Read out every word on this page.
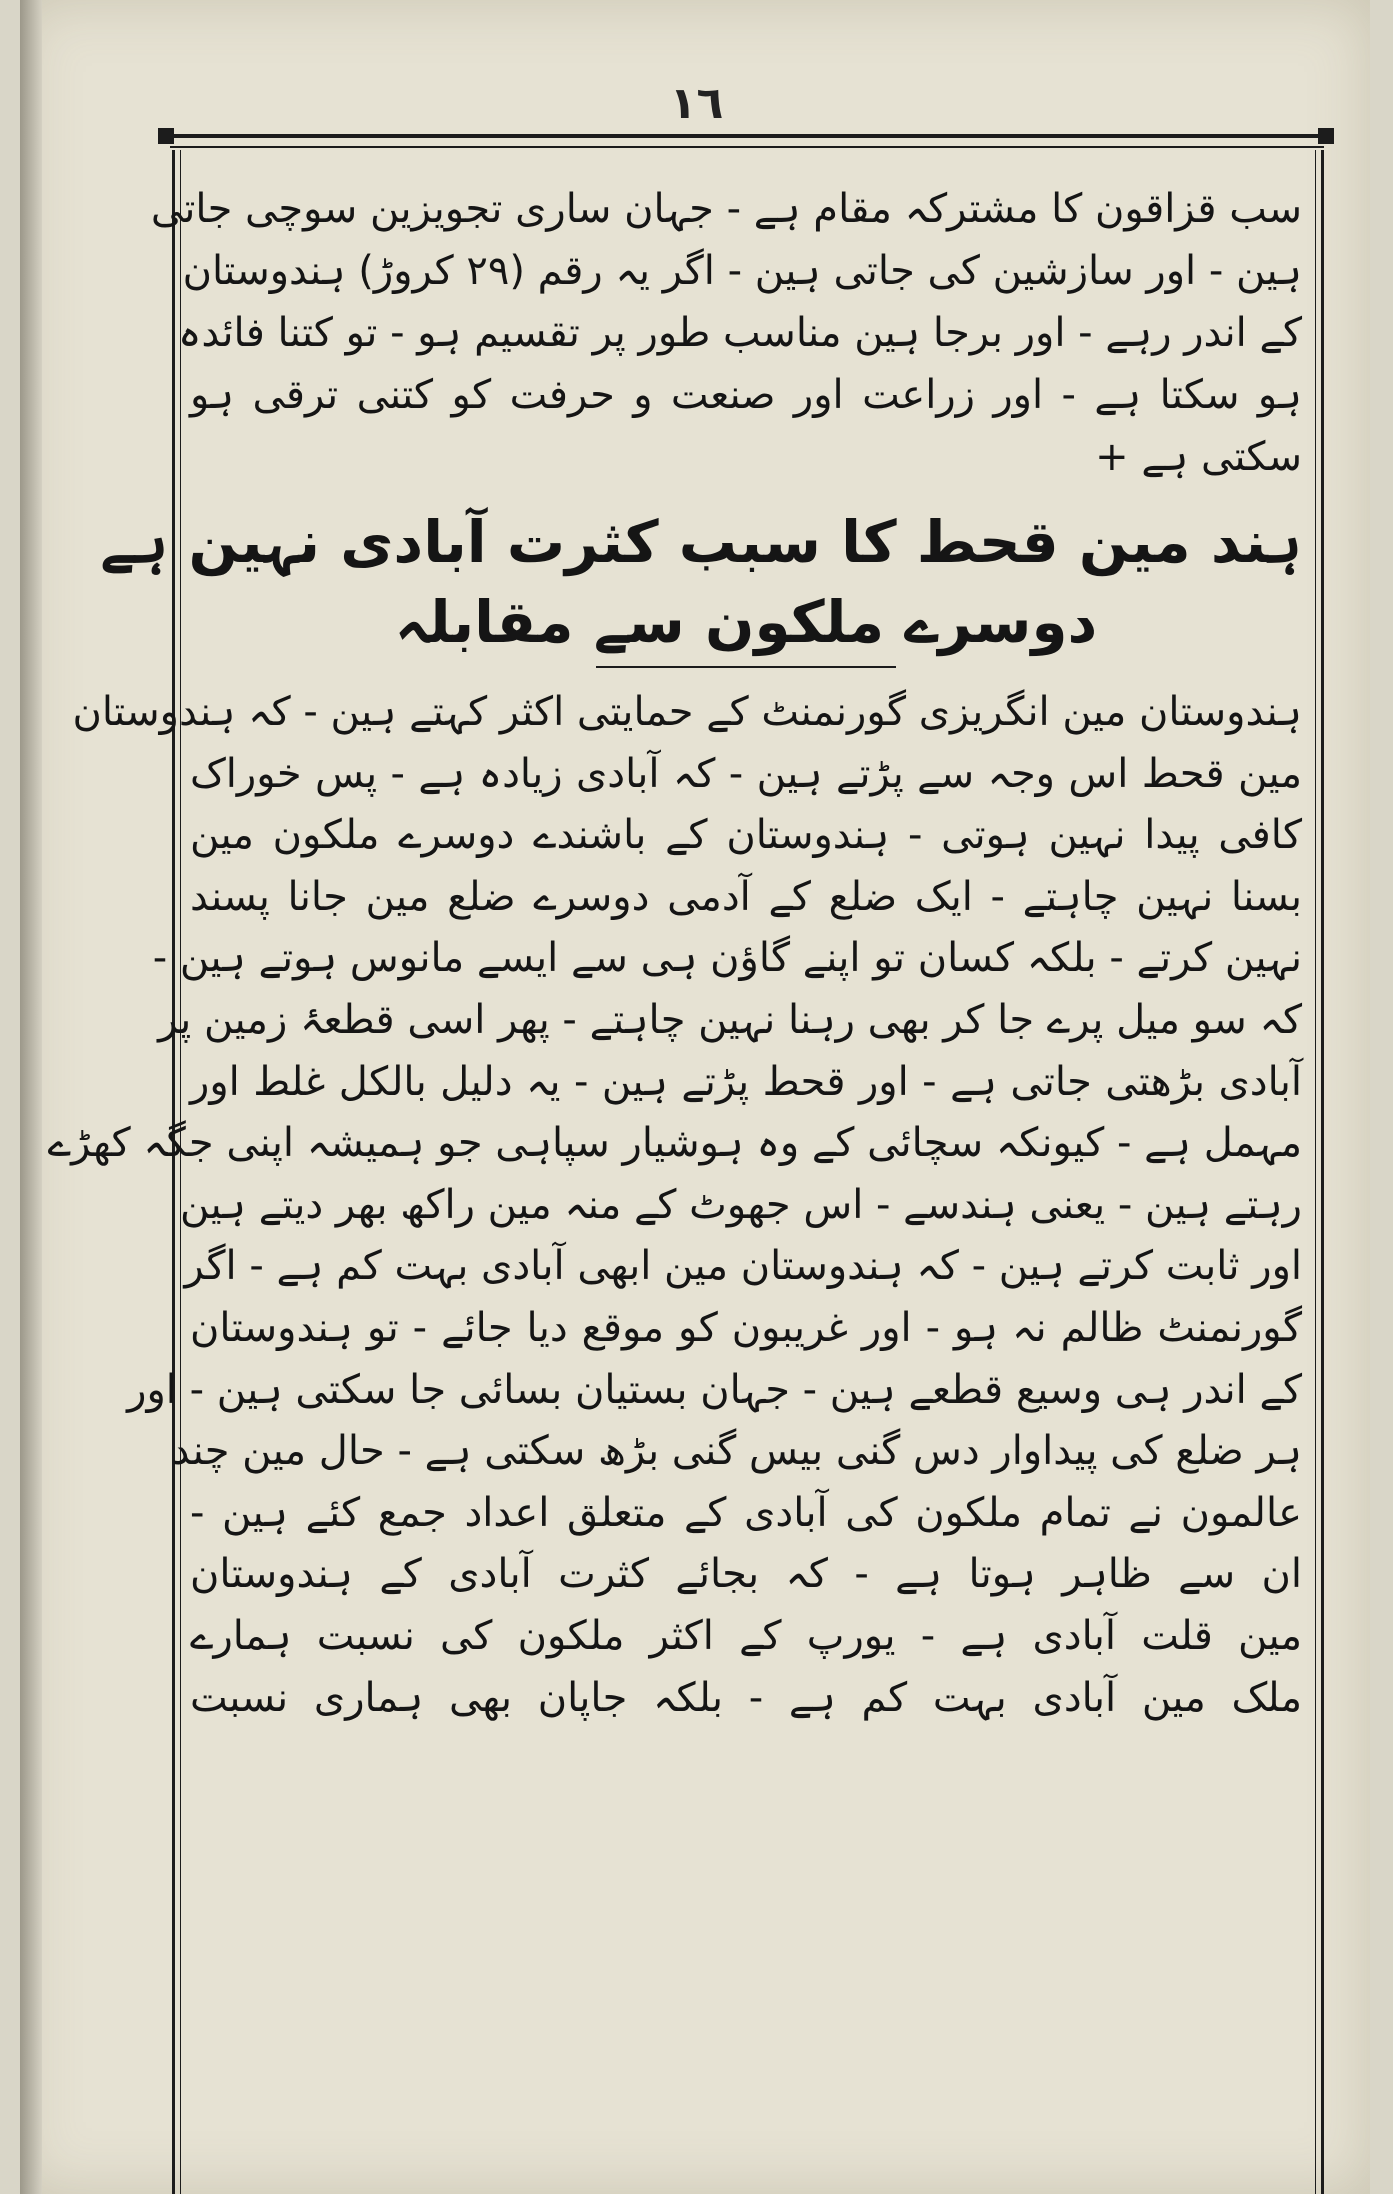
١٦
سب قزاقون کا مشترکہ مقام ہے - جہان ساری تجویزین سوچی جاتی
ہین - اور سازشین کی جاتی ہین - اگر یہ رقم (۲۹ کروڑ) ہندوستان
کے اندر رہے - اور برجا ہین مناسب طور پر تقسیم ہو - تو کتنا فائدہ
ہو سکتا ہے - اور زراعت اور صنعت و حرفت کو کتنی ترقی ہو
سکتی ہے +
ہند مین قحط کا سبب کثرت آبادی نہین ہے
دوسرے ملکون سے مقابلہ
ہندوستان مین انگریزی گورنمنٹ کے حمایتی اکثر کہتے ہین - کہ ہندوستان
مین قحط اس وجہ سے پڑتے ہین - کہ آبادی زیادہ ہے - پس خوراک
کافی پیدا نہین ہوتی - ہندوستان کے باشندے دوسرے ملکون مین
بسنا نہین چاہتے - ایک ضلع کے آدمی دوسرے ضلع مین جانا پسند
نہین کرتے - بلکہ کسان تو اپنے گاؤن ہی سے ایسے مانوس ہوتے ہین -
کہ سو میل پرے جا کر بھی رہنا نہین چاہتے - پھر اسی قطعۂ زمین پر
آبادی بڑھتی جاتی ہے - اور قحط پڑتے ہین - یہ دلیل بالکل غلط اور
مہمل ہے - کیونکہ سچائی کے وہ ہوشیار سپاہی جو ہمیشہ اپنی جگہ کھڑے
رہتے ہین - یعنی ہندسے - اس جھوٹ کے منہ مین راکھ بھر دیتے ہین
اور ثابت کرتے ہین - کہ ہندوستان مین ابھی آبادی بہت کم ہے - اگر
گورنمنٹ ظالم نہ ہو - اور غریبون کو موقع دیا جائے - تو ہندوستان
کے اندر ہی وسیع قطعے ہین - جہان بستیان بسائی جا سکتی ہین - اور
ہر ضلع کی پیداوار دس گنی بیس گنی بڑھ سکتی ہے - حال مین چند
عالمون نے تمام ملکون کی آبادی کے متعلق اعداد جمع کئے ہین -
ان سے ظاہر ہوتا ہے - کہ بجائے کثرت آبادی کے ہندوستان
مین قلت آبادی ہے - یورپ کے اکثر ملکون کی نسبت ہمارے
ملک مین آبادی بہت کم ہے - بلکہ جاپان بھی ہماری نسبت
